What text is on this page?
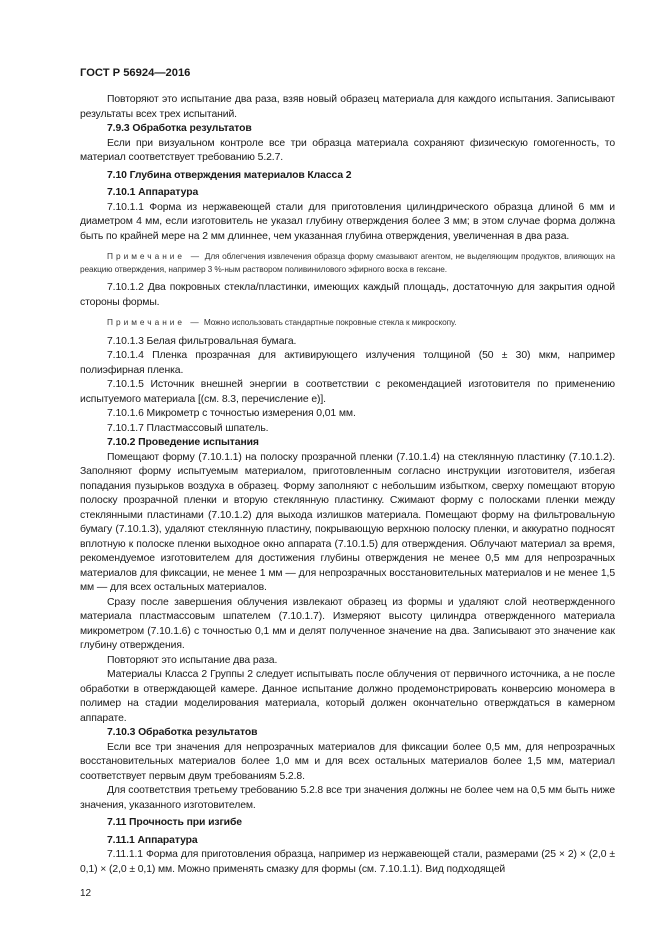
ГОСТ Р 56924—2016
Повторяют это испытание два раза, взяв новый образец материала для каждого испытания. Записывают результаты всех трех испытаний.
7.9.3 Обработка результатов
Если при визуальном контроле все три образца материала сохраняют физическую гомогенность, то материал соответствует требованию 5.2.7.
7.10 Глубина отверждения материалов Класса 2
7.10.1 Аппаратура
7.10.1.1 Форма из нержавеющей стали для приготовления цилиндрического образца длиной 6 мм и диаметром 4 мм, если изготовитель не указал глубину отверждения более 3 мм; в этом случае форма должна быть по крайней мере на 2 мм длиннее, чем указанная глубина отверждения, увеличенная в два раза.
Примечание — Для облегчения извлечения образца форму смазывают агентом, не выделяющим продуктов, влияющих на реакцию отверждения, например 3 %-ным раствором поливинилового эфирного воска в гексане.
7.10.1.2 Два покровных стекла/пластинки, имеющих каждый площадь, достаточную для закрытия одной стороны формы.
Примечание — Можно использовать стандартные покровные стекла к микроскопу.
7.10.1.3 Белая фильтровальная бумага.
7.10.1.4 Пленка прозрачная для активирующего излучения толщиной (50 ± 30) мкм, например полиэфирная пленка.
7.10.1.5 Источник внешней энергии в соответствии с рекомендацией изготовителя по применению испытуемого материала [(см. 8.3, перечисление е)].
7.10.1.6 Микрометр с точностью измерения 0,01 мм.
7.10.1.7 Пластмассовый шпатель.
7.10.2 Проведение испытания
Помещают форму (7.10.1.1) на полоску прозрачной пленки (7.10.1.4) на стеклянную пластинку (7.10.1.2). Заполняют форму испытуемым материалом, приготовленным согласно инструкции изготовителя, избегая попадания пузырьков воздуха в образец. Форму заполняют с небольшим избытком, сверху помещают вторую полоску прозрачной пленки и вторую стеклянную пластинку. Сжимают форму с полосками пленки между стеклянными пластинами (7.10.1.2) для выхода излишков материала. Помещают форму на фильтровальную бумагу (7.10.1.3), удаляют стеклянную пластину, покрывающую верхнюю полоску пленки, и аккуратно подносят вплотную к полоске пленки выходное окно аппарата (7.10.1.5) для отверждения. Облучают материал за время, рекомендуемое изготовителем для достижения глубины отверждения не менее 0,5 мм для непрозрачных материалов для фиксации, не менее 1 мм — для непрозрачных восстановительных материалов и не менее 1,5 мм — для всех остальных материалов.
Сразу после завершения облучения извлекают образец из формы и удаляют слой неотвержденного материала пластмассовым шпателем (7.10.1.7). Измеряют высоту цилиндра отвержденного материала микрометром (7.10.1.6) с точностью 0,1 мм и делят полученное значение на два. Записывают это значение как глубину отверждения.
Повторяют это испытание два раза.
Материалы Класса 2 Группы 2 следует испытывать после облучения от первичного источника, а не после обработки в отверждающей камере. Данное испытание должно продемонстрировать конверсию мономера в полимер на стадии моделирования материала, который должен окончательно отверждаться в камерном аппарате.
7.10.3 Обработка результатов
Если все три значения для непрозрачных материалов для фиксации более 0,5 мм, для непрозрачных восстановительных материалов более 1,0 мм и для всех остальных материалов более 1,5 мм, материал соответствует первым двум требованиям 5.2.8.
Для соответствия третьему требованию 5.2.8 все три значения должны не более чем на 0,5 мм быть ниже значения, указанного изготовителем.
7.11 Прочность при изгибе
7.11.1 Аппаратура
7.11.1.1 Форма для приготовления образца, например из нержавеющей стали, размерами (25 × 2) × (2,0 ± 0,1) × (2,0 ± 0,1) мм. Можно применять смазку для формы (см. 7.10.1.1). Вид подходящей
12
